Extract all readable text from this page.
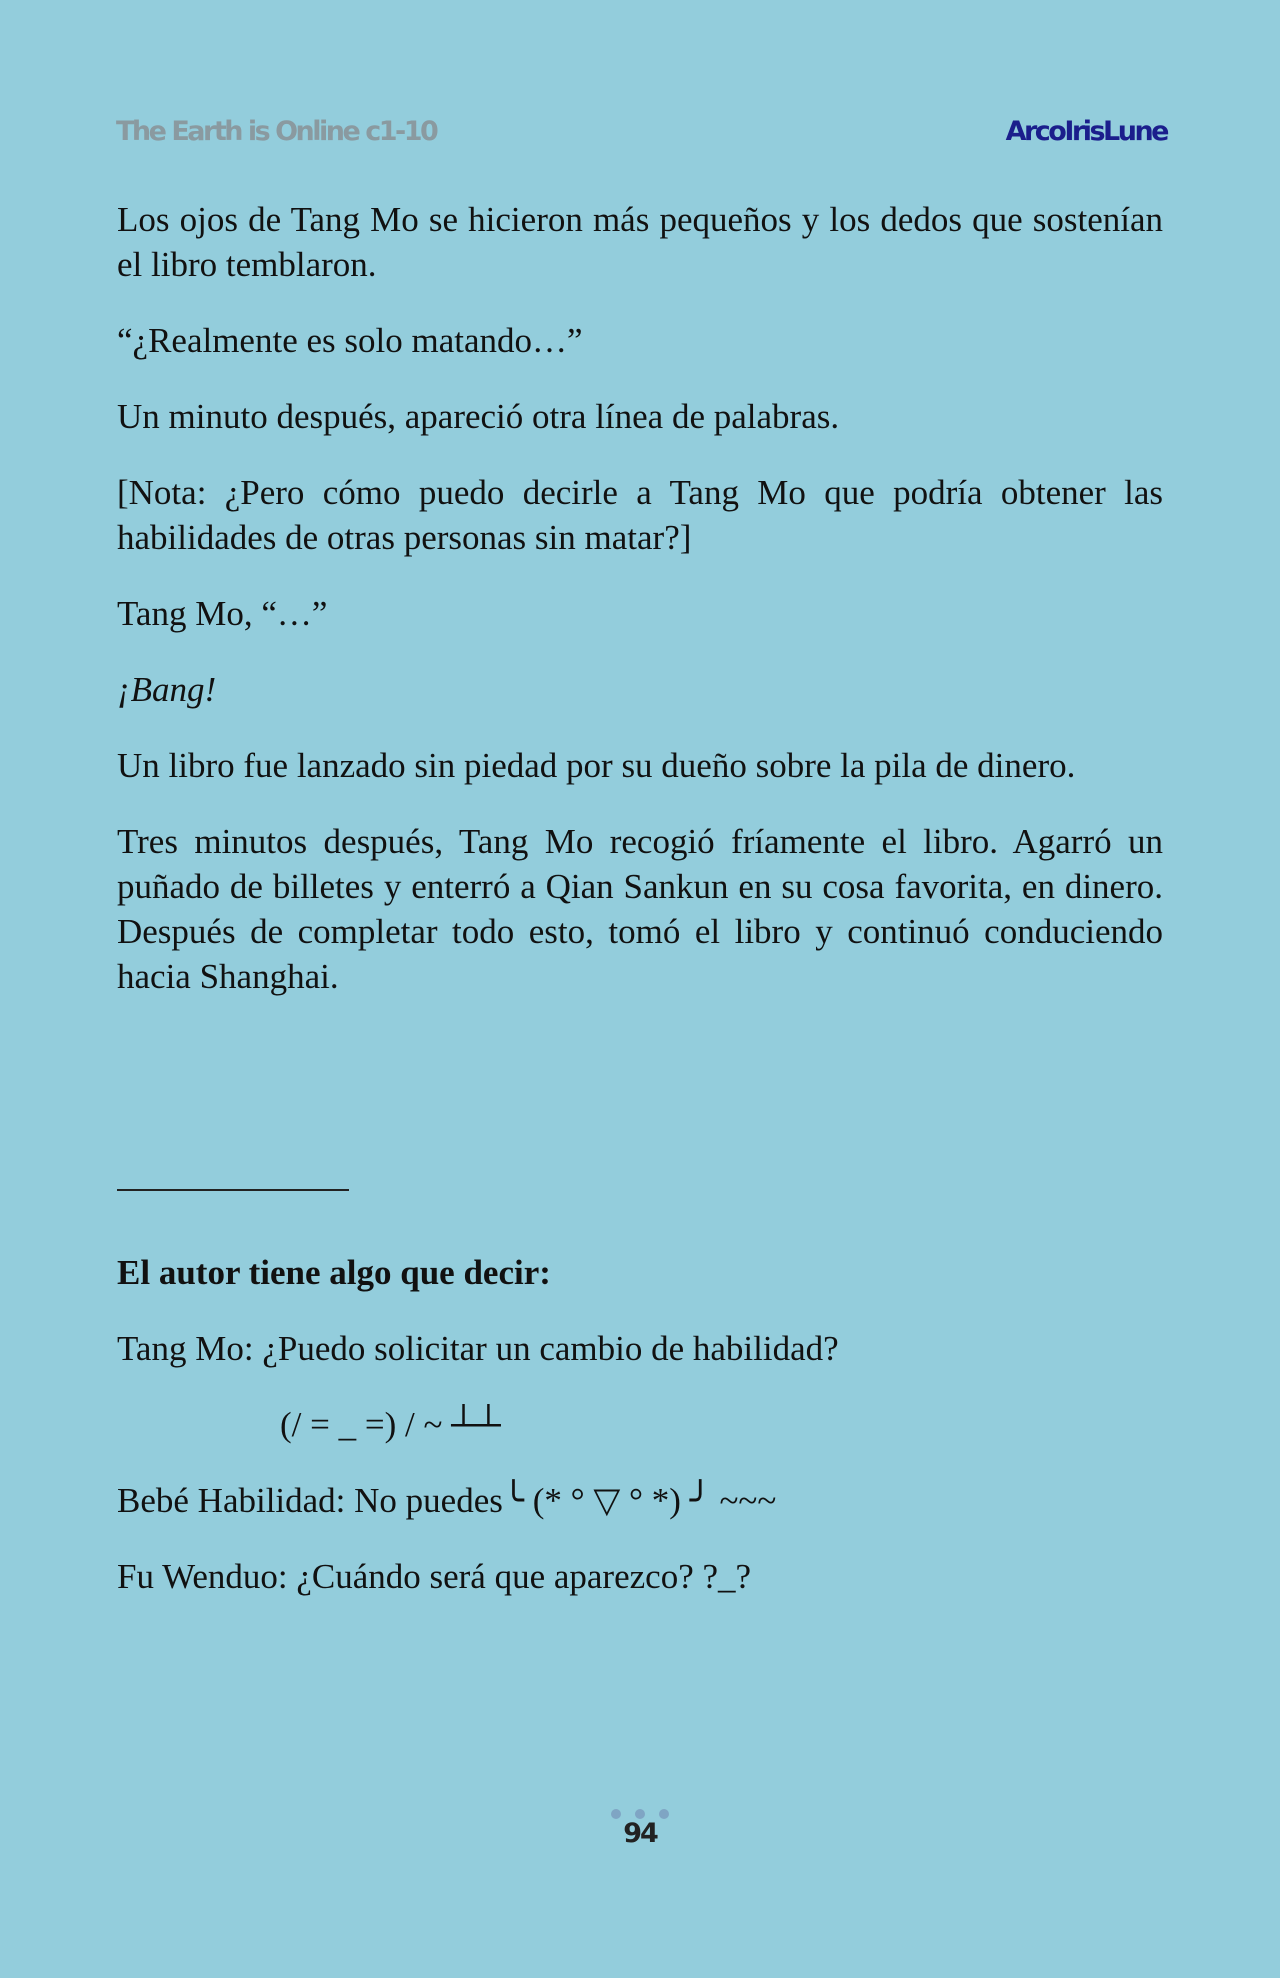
The Earth is Online c1-10	ArcoIrisLune

Los ojos de Tang Mo se hicieron más pequeños y los dedos que sostenían el libro temblaron.

“¿Realmente es solo matando…”

Un minuto después, apareció otra línea de palabras.

[Nota: ¿Pero cómo puedo decirle a Tang Mo que podría obtener las habilidades de otras personas sin matar?]

Tang Mo, “…”

¡Bang!

Un libro fue lanzado sin piedad por su dueño sobre la pila de dinero.

Tres minutos después, Tang Mo recogió fríamente el libro. Agarró un puñado de billetes y enterró a Qian Sankun en su cosa favorita, en dinero. Después de completar todo esto, tomó el libro y continuó conduciendo hacia Shanghai.

El autor tiene algo que decir:

Tang Mo: ¿Puedo solicitar un cambio de habilidad?

(/ = _ =) / ~ ┴┴

Bebé Habilidad: No puedes╰ (* ° ▽ ° *) ╯ ~~~

Fu Wenduo: ¿Cuándo será que aparezco? ?_?

94
